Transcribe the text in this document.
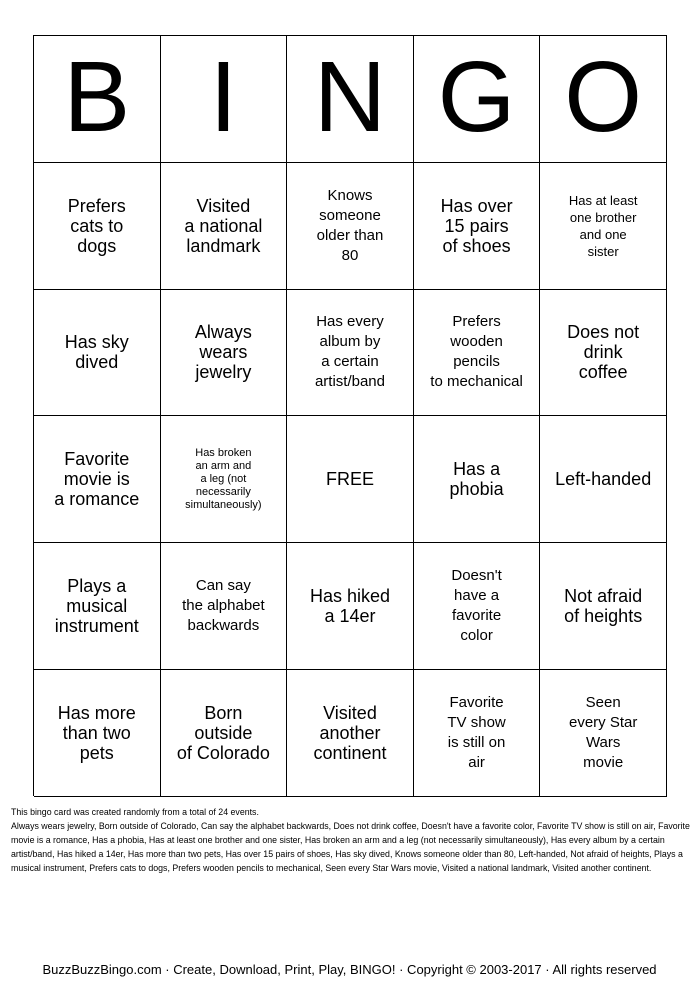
B I N G O
Prefers
cats to
dogs
Visited
a national
landmark
Knows
someone
older than
80
Has over
15 pairs
of shoes
Has at least
one brother
and one
sister
Has sky
dived
Always
wears
jewelry
Has every
album by
a certain
artist/band
Prefers
wooden
pencils
to mechanical
Does not
drink
coffee
Favorite
movie is
a romance
Has broken
an arm and
a leg (not
necessarily
simultaneously)
FREE	Has a
phobia	Left-handed
Plays a
musical
instrument
Can say
the alphabet
backwards
Has hiked
a 14er
Doesn't
have a
favorite
color
Not afraid
of heights
Has more
than two
pets
Born
outside
of Colorado
Visited
another
continent
Favorite
TV show
is still on
air
Seen
every Star
Wars
movie

This bingo card was created randomly from a total of 24 events.

Always wears jewelry, Born outside of Colorado, Can say the alphabet backwards, Does not drink coffee, Doesn't have a favorite color, Favorite TV show is still on air, Favorite movie is a romance, Has a phobia, Has at least one brother and one sister, Has broken an arm and a leg (not necessarily simultaneously), Has every album by a certain artist/band, Has hiked a 14er, Has more than two pets, Has over 15 pairs of shoes, Has sky dived, Knows someone older than 80, Left-handed, Not afraid of heights, Plays a musical instrument, Prefers cats to dogs, Prefers wooden pencils to mechanical, Seen every Star Wars movie, Visited a national landmark, Visited another continent.

BuzzBuzzBingo.com · Create, Download, Print, Play, BINGO! · Copyright © 2003-2017 · All rights reserved
